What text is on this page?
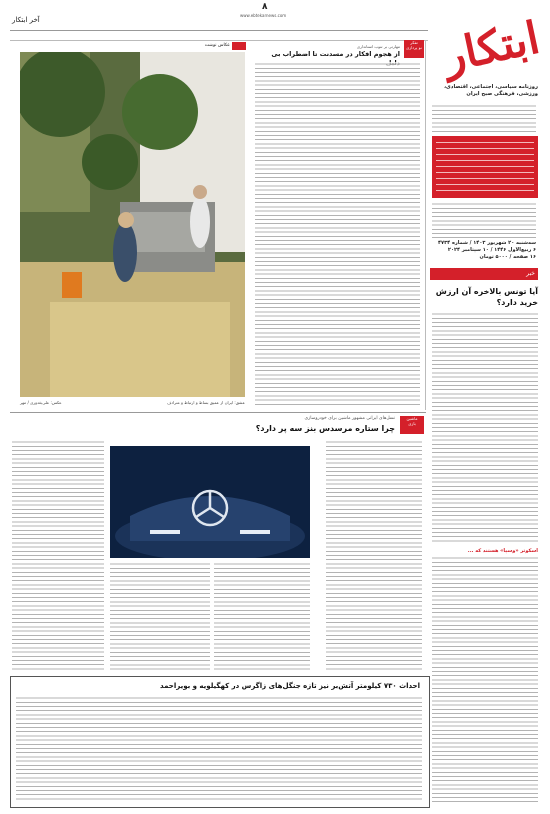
۸
www.ebtekarnews.com
آخر ابتکار	ابتکار
روزنامه سیاسی، اجتماعی، اقتصادی،
ورزشی، فرهنگی صبح ایران
سه‌شنبه ۲۰ شهریور ۱۴۰۳ / شماره ۴۷۳۴
۶ ربیع‌الاول ۱۴۴۶ / ۱۰ سپتامبر ۲۰۲۴
۱۶ صفحه / ۵۰۰۰ تومان
خبر
آیا تونس بالاخره آن ارزش خرید دارد؟
اسکوتر «وسپا» هستند که ...
تفکر
نو پردازی
مهارتی بر تنوب استانداری
از هجوم افکار در مسدنت تا اضطراب بی
عکاس نوشت
عشق: ایران از عمیق بساط و ارتباط و مترادف
عکس: علی‌بغدوری / مهر
ماشین
بازی
نسل‌های ایرانی مشهور ماشین برای خودروسازی
چرا ستاره مرسدس بنز سه پر دارد؟
احداث ۷۳۰ کیلومتر آتش‌بر نیز تازه جنگل‌های زاگرس در کهگیلویه و بویراحمد
